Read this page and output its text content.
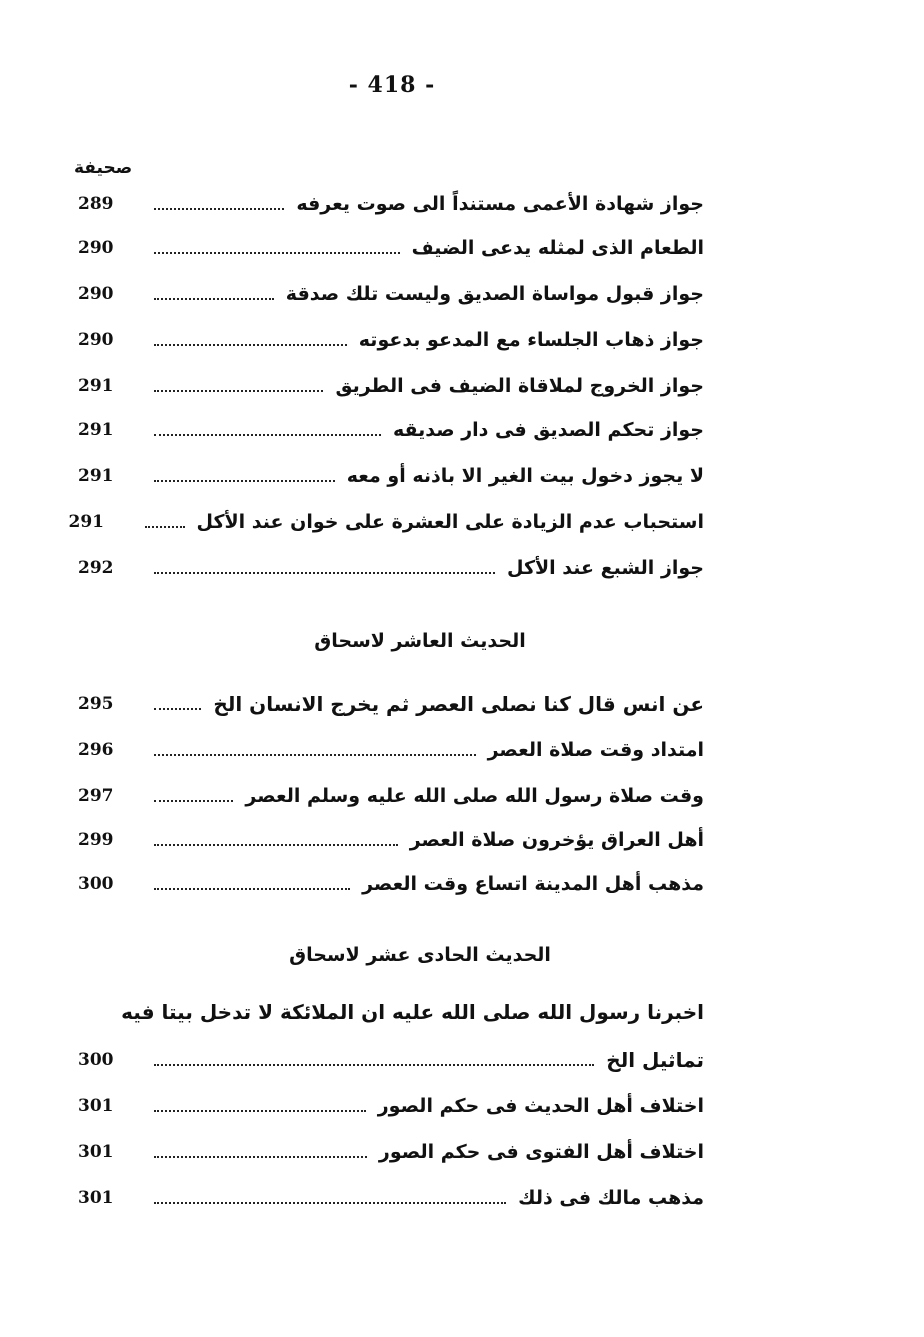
- 418 -
صحيفة
جواز شهادة الأعمى مستنداً الى صوت يعرفه
289
الطعام الذى لمثله يدعى الضيف
290
جواز قبول مواساة الصديق وليست تلك صدقة
290
جواز ذهاب الجلساء مع المدعو بدعوته
290
جواز الخروج لملاقاة الضيف فى الطريق
291
جواز تحكم الصديق فى دار صديقه
291
لا يجوز دخول بيت الغير الا باذنه أو معه
291
استحباب عدم الزيادة على العشرة على خوان عند الأكل
291
جواز الشبع عند الأكل
292
الحديث العاشر لاسحاق
عن انس قال كنا نصلى العصر ثم يخرج الانسان الخ
295
امتداد وقت صلاة العصر
296
وقت صلاة رسول الله صلى الله عليه وسلم العصر
297
أهل العراق يؤخرون صلاة العصر
299
مذهب أهل المدينة اتساع وقت العصر
300
الحديث الحادى عشر لاسحاق
اخبرنا رسول الله صلى الله عليه ان الملائكة لا تدخل بيتا فيه
تماثيل الخ
300
اختلاف أهل الحديث فى حكم الصور
301
اختلاف أهل الفتوى فى حكم الصور
301
مذهب مالك فى ذلك
301
